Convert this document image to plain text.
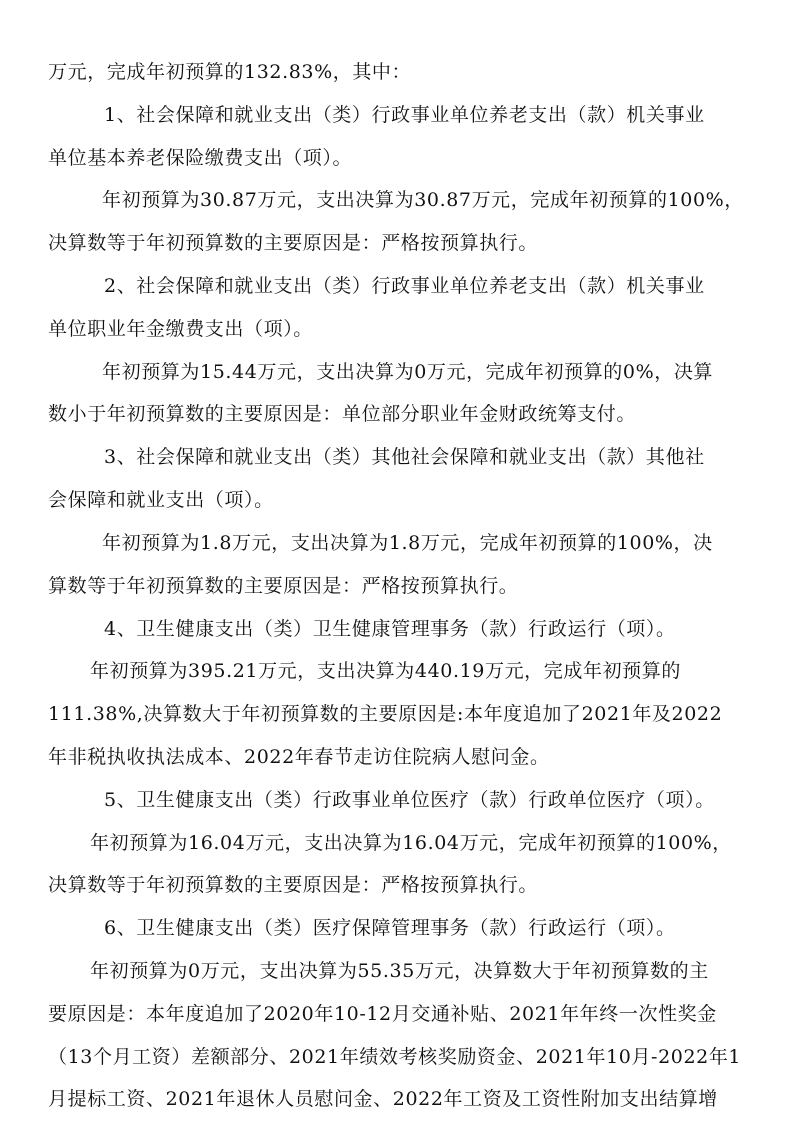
万元，完成年初预算的132.83%，其中：
1、社会保障和就业支出（类）行政事业单位养老支出（款）机关事业
单位基本养老保险缴费支出（项）。
年初预算为30.87万元，支出决算为30.87万元，完成年初预算的100%，
决算数等于年初预算数的主要原因是：严格按预算执行。
2、社会保障和就业支出（类）行政事业单位养老支出（款）机关事业
单位职业年金缴费支出（项）。
年初预算为15.44万元，支出决算为0万元，完成年初预算的0%，决算
数小于年初预算数的主要原因是：单位部分职业年金财政统筹支付。
3、社会保障和就业支出（类）其他社会保障和就业支出（款）其他社
会保障和就业支出（项）。
年初预算为1.8万元，支出决算为1.8万元，完成年初预算的100%，决
算数等于年初预算数的主要原因是：严格按预算执行。
4、卫生健康支出（类）卫生健康管理事务（款）行政运行（项）。
年初预算为395.21万元，支出决算为440.19万元，完成年初预算的
111.38%,决算数大于年初预算数的主要原因是:本年度追加了2021年及2022
年非税执收执法成本、2022年春节走访住院病人慰问金。
5、卫生健康支出（类）行政事业单位医疗（款）行政单位医疗（项）。
年初预算为16.04万元，支出决算为16.04万元，完成年初预算的100%，
决算数等于年初预算数的主要原因是：严格按预算执行。
6、卫生健康支出（类）医疗保障管理事务（款）行政运行（项）。
年初预算为0万元，支出决算为55.35万元，决算数大于年初预算数的主
要原因是：本年度追加了2020年10-12月交通补贴、2021年年终一次性奖金
（13个月工资）差额部分、2021年绩效考核奖励资金、2021年10月-2022年1
月提标工资、2021年退休人员慰问金、2022年工资及工资性附加支出结算增
